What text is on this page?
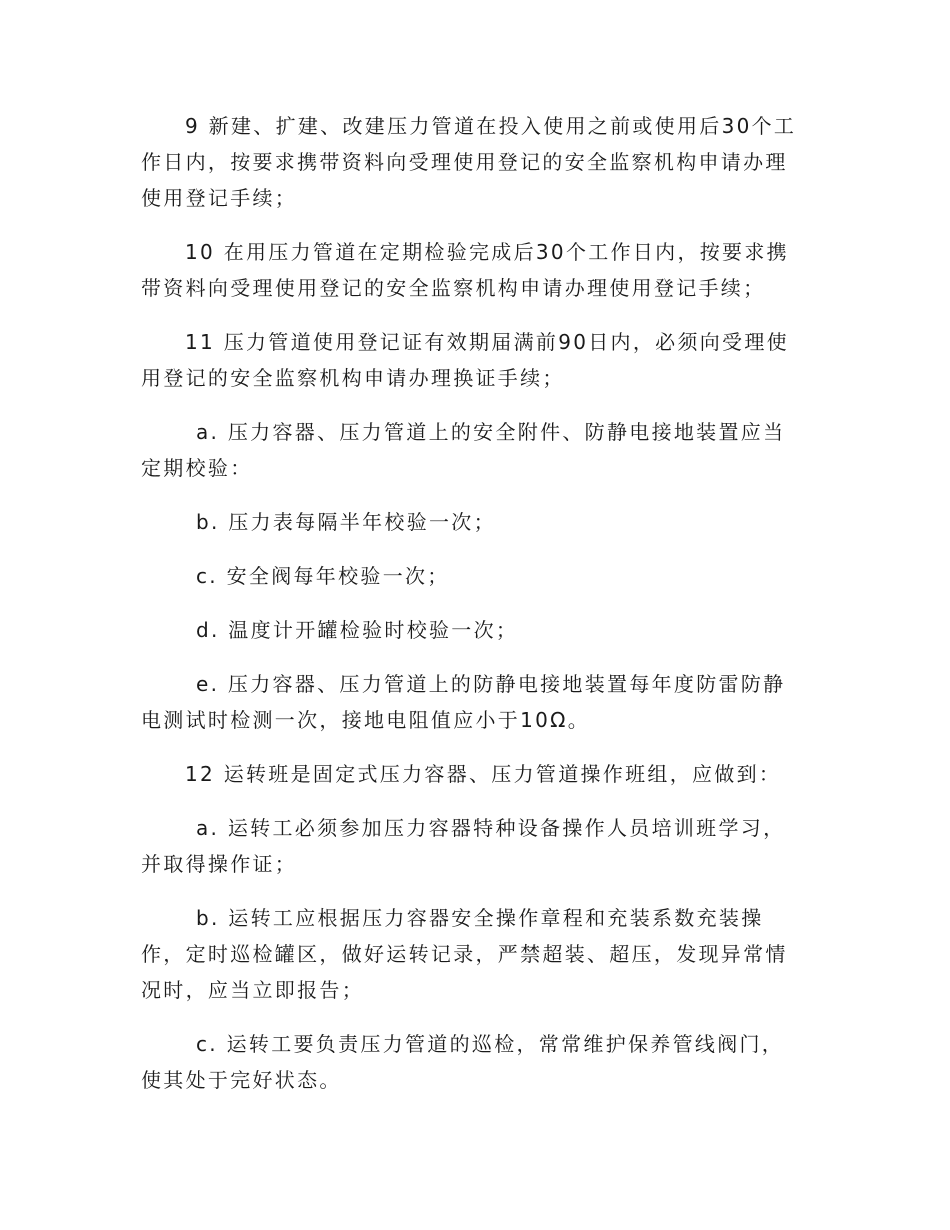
9 新建、扩建、改建压力管道在投入使用之前或使用后30个工作日内，按要求携带资料向受理使用登记的安全监察机构申请办理使用登记手续；

10 在用压力管道在定期检验完成后30个工作日内，按要求携带资料向受理使用登记的安全监察机构申请办理使用登记手续；

11 压力管道使用登记证有效期届满前90日内，必须向受理使用登记的安全监察机构申请办理换证手续；

a. 压力容器、压力管道上的安全附件、防静电接地装置应当定期校验：

b. 压力表每隔半年校验一次；

c. 安全阀每年校验一次；

d. 温度计开罐检验时校验一次；

e. 压力容器、压力管道上的防静电接地装置每年度防雷防静电测试时检测一次，接地电阻值应小于10Ω。

12 运转班是固定式压力容器、压力管道操作班组，应做到：

a. 运转工必须参加压力容器特种设备操作人员培训班学习，并取得操作证；

b. 运转工应根据压力容器安全操作章程和充装系数充装操作，定时巡检罐区，做好运转记录，严禁超装、超压，发现异常情况时，应当立即报告；

c. 运转工要负责压力管道的巡检，常常维护保养管线阀门，使其处于完好状态。
